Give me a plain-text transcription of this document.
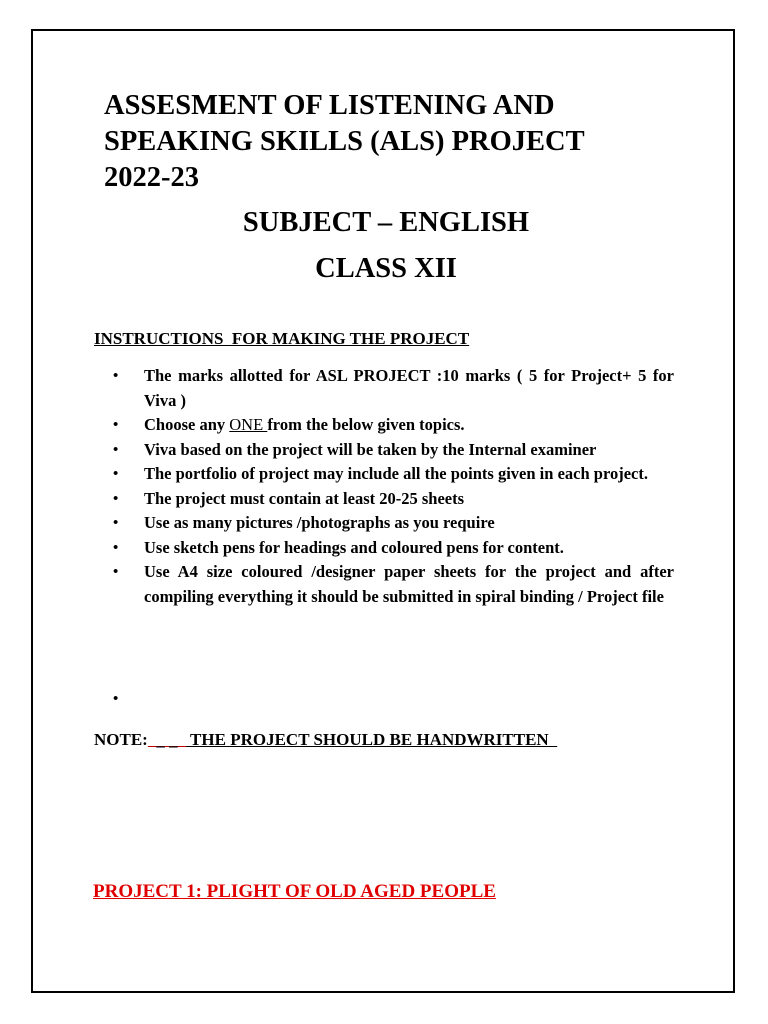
ASSESMENT OF LISTENING AND
SPEAKING SKILLS (ALS) PROJECT
2022-23
SUBJECT – ENGLISH
CLASS XII
INSTRUCTIONS  FOR MAKING THE PROJECT
• The marks allotted for ASL PROJECT :10 marks ( 5 for Project+ 5 for Viva )
• Choose any ONE from the below given topics.
• Viva based on the project will be taken by the Internal examiner
• The portfolio of project may include all the points given in each project.
• The project must contain at least 20-25 sheets
• Use as many pictures /photographs as you require
• Use sketch pens for headings and coloured pens for content.
• Use A4 size coloured /designer paper sheets for the project and after compiling everything it should be submitted in spiral binding / Project file
•
NOTE:  _ _   THE PROJECT SHOULD BE HANDWRITTEN
PROJECT 1: PLIGHT OF OLD AGED PEOPLE
